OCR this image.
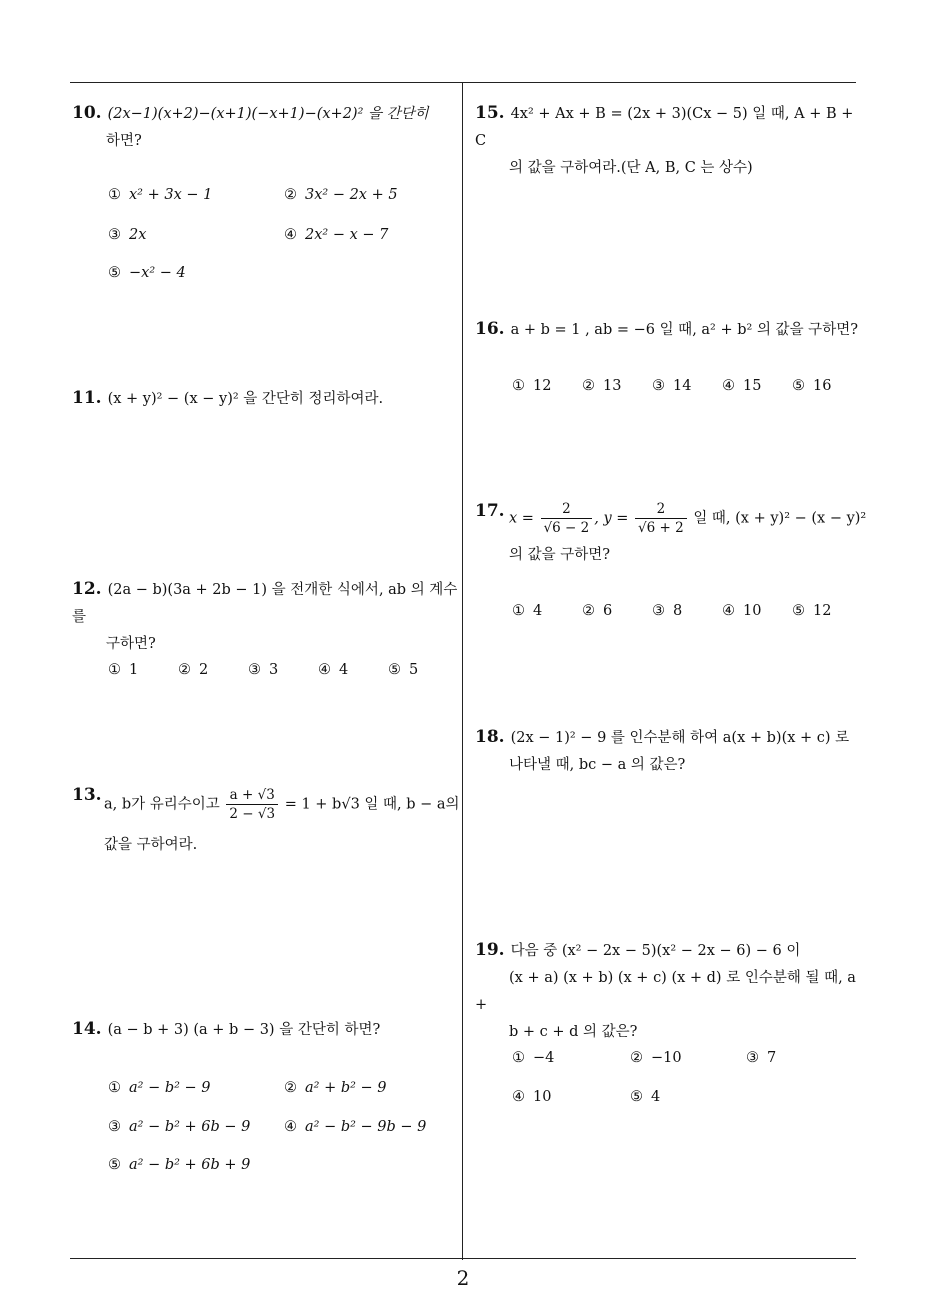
10. (2x−1)(x+2)−(x+1)(−x+1)−(x+2)² 을 간단히
하면?
① x² + 3x − 1	② 3x² − 2x + 5
③ 2x	④ 2x² − x − 7
⑤ −x² − 4
11. (x + y)² − (x − y)² 을 간단히 정리하여라.
12. (2a − b)(3a + 2b − 1) 을 전개한 식에서, ab 의 계수를
구하면?
① 1	② 2	③ 3	④ 4	⑤ 5
13. a, b가 유리수이고 $\frac{a + √3}{2 - √3} = 1 + b√3$ 일 때, b − a의
값을 구하여라.
14. (a − b + 3) (a + b − 3) 을 간단히 하면?
① a² − b² − 9	② a² + b² − 9
③ a² − b² + 6b − 9 ④ a² − b² − 9b − 9
⑤ a² − b² + 6b + 9
15. 4x² + Ax + B = (2x + 3)(Cx − 5) 일 때, A + B + C
의 값을 구하여라.(단 A, B, C 는 상수)
16. a + b = 1 , ab = −6 일 때, a² + b² 의 값을 구하면?
① 12 ② 13 ③ 14 ④ 15 ⑤ 16
17. $x = \frac{2}{√6 - 2}$ , $y = \frac{2}{√6 + 2}$ 일 때, (x + y)² − (x − y)²
의 값을 구하면?
① 4	② 6	③ 8	④ 10 ⑤ 12
18. (2x − 1)² − 9 를 인수분해 하여 a(x + b)(x + c) 로
나타낼 때, bc − a 의 값은?
19. 다음 중 (x² − 2x − 5)(x² − 2x − 6) − 6 이
(x + a) (x + b) (x + c) (x + d) 로 인수분해 될 때, a +
b + c + d 의 값은?
① −4	② −10	③ 7
④ 10	⑤ 4
2
